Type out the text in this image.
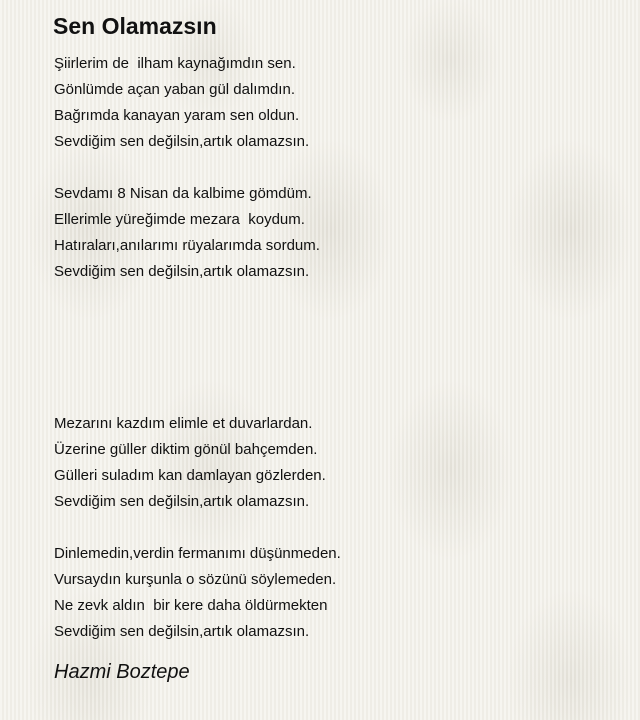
Sen Olamazsın
Şiirlerim de  ilham kaynağımdın sen.
Gönlümde açan yaban gül dalımdın.
Bağrımda kanayan yaram sen oldun.
Sevdiğim sen değilsin,artık olamazsın.
Sevdamı 8 Nisan da kalbime gömdüm.
Ellerimle yüreğimde mezara  koydum.
Hatıraları,anılarımı rüyalarımda sordum.
Sevdiğim sen değilsin,artık olamazsın.
Mezarını kazdım elimle et duvarlardan.
Üzerine güller diktim gönül bahçemden.
Gülleri suladım kan damlayan gözlerden.
Sevdiğim sen değilsin,artık olamazsın.
Dinlemedin,verdin fermanımı düşünmeden.
Vursaydın kurşunla o sözünü söylemeden.
Ne zevk aldın  bir kere daha öldürmekten
Sevdiğim sen değilsin,artık olamazsın.
Hazmi Boztepe
